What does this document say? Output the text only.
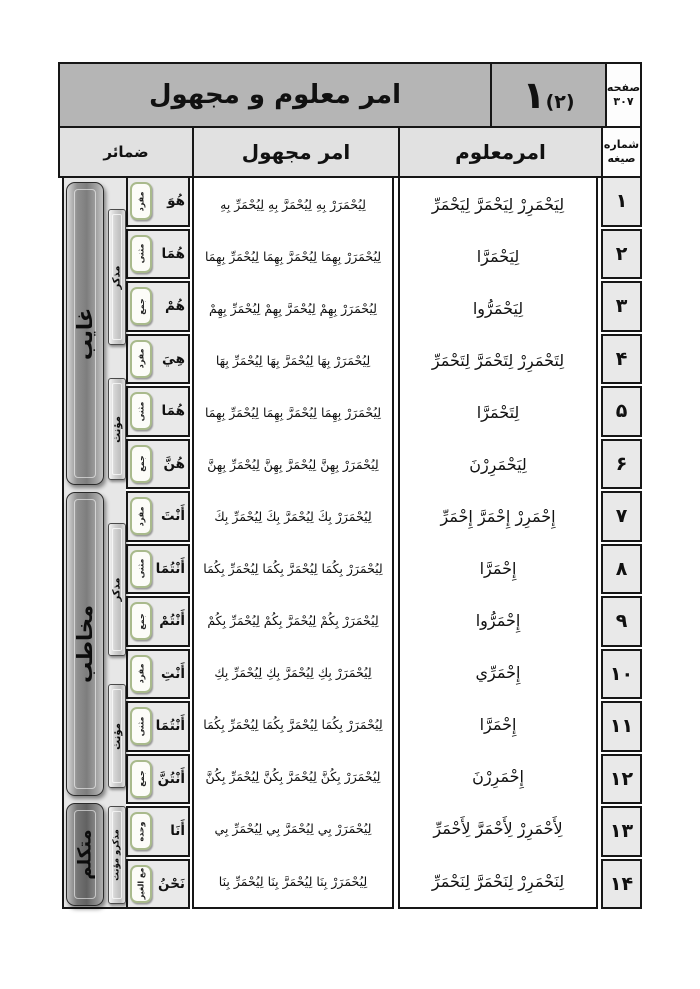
صفحه
۳۰۷
۱(۲)
امر معلوم و مجهول
شماره
صيغه
امرمعلوم
امر مجهول
ضمائر
۱
۲
۳
۴
۵
۶
۷
۸
۹
۱۰
۱۱
۱۲
۱۳
۱۴
لِيَحْمَرِرْ لِيَحْمَرَّ لِيَحْمَرِّ
لِيَحْمَرَّا
لِيَحْمَرُّوا
لِتَحْمَرِرْ لِتَحْمَرَّ لِتَحْمَرِّ
لِتَحْمَرَّا
لِيَحْمَرِرْنَ
إِحْمَرِرْ إِحْمَرَّ إِحْمَرِّ
إِحْمَرَّا
إِحْمَرُّوا
إِحْمَرِّي
إِحْمَرَّا
إِحْمَرِرْنَ
لِأَحْمَرِرْ لِأَحْمَرَّ لِأَحْمَرِّ
لِنَحْمَرِرْ لِنَحْمَرَّ لِنَحْمَرِّ
لِيُحْمَرَرْ بِهِ لِيُحْمَرَّ بِهِ لِيُحْمَرِّ بِهِ
لِيُحْمَرَرْ بِهِمَا لِيُحْمَرَّ بِهِمَا لِيُحْمَرِّ بِهِمَا
لِيُحْمَرَرْ بِهِمْ لِيُحْمَرَّ بِهِمْ لِيُحْمَرِّ بِهِمْ
لِيُحْمَرَرْ بِهَا لِيُحْمَرَّ بِهَا لِيُحْمَرِّ بِهَا
لِيُحْمَرَرْ بِهِمَا لِيُحْمَرَّ بِهِمَا لِيُحْمَرِّ بِهِمَا
لِيُحْمَرَرْ بِهِنَّ لِيُحْمَرَّ بِهِنَّ لِيُحْمَرِّ بِهِنَّ
لِيُحْمَرَرْ بِكَ لِيُحْمَرَّ بِكَ لِيُحْمَرِّ بِكَ
لِيُحْمَرَرْ بِكُمَا لِيُحْمَرَّ بِكُمَا لِيُحْمَرِّ بِكُمَا
لِيُحْمَرَرْ بِكُمْ لِيُحْمَرَّ بِكُمْ لِيُحْمَرِّ بِكُمْ
لِيُحْمَرَرْ بِكِ لِيُحْمَرَّ بِكِ لِيُحْمَرِّ بِكِ
لِيُحْمَرَرْ بِكُمَا لِيُحْمَرَّ بِكُمَا لِيُحْمَرِّ بِكُمَا
لِيُحْمَرَرْ بِكُنَّ لِيُحْمَرَّ بِكُنَّ لِيُحْمَرِّ بِكُنَّ
لِيُحْمَرَرْ بِي لِيُحْمَرَّ بِي لِيُحْمَرِّ بِي
لِيُحْمَرَرْ بِنَا لِيُحْمَرَّ بِنَا لِيُحْمَرِّ بِنَا
هُوَ
مفرد
هُمَا
مثنى
هُمْ
جمع
هِيَ
مفرد
هُمَا
مثنى
هُنَّ
جمع
أَنْتَ
مفرد
أَنْتُمَا
مثنى
أَنْتُمْ
جمع
أَنْتِ
مفرد
أَنْتُمَا
مثنى
أَنْتُنَّ
جمع
أَنَا
وحده
نَحْنُ
مع الغير
غايب
مذكر
مؤنث
مخاطب
مذكر
مؤنث
متكلم مذكرو مؤنث
